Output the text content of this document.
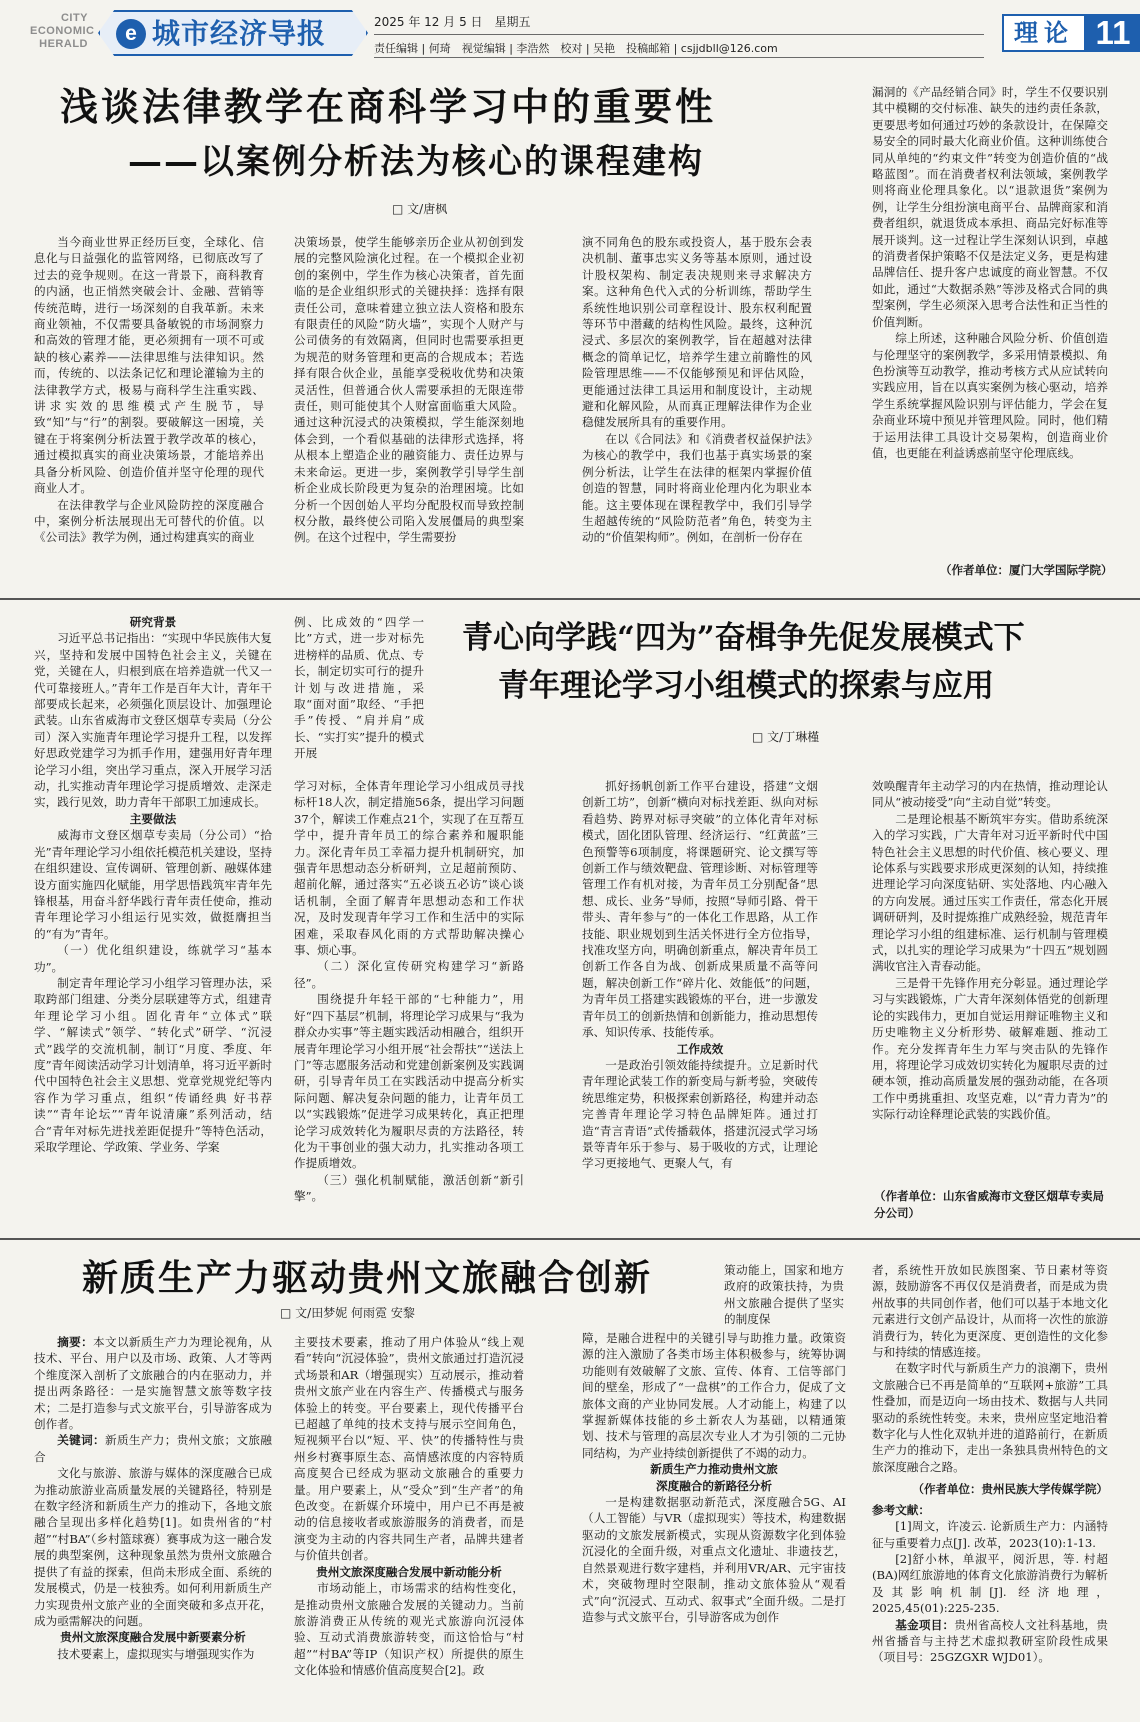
CITY
ECONOMIC
HERALD	e 城市经济导报	2025 年 12 月 5 日　星期五
责任编辑 | 何琦　视觉编辑 | 李浩然　校对 | 吴艳　投稿邮箱 | csjjdbll@126.com
理论 11
浅谈法律教学在商科学习中的重要性
——以案例分析法为核心的课程建构
□ 文/唐枫

当今商业世界正经历巨变，全球化、信息化与日益强化的监管网络，已彻底改写了过去的竞争规则。在这一背景下，商科教育的内涵，也正悄然突破会计、金融、营销等传统范畴，进行一场深刻的自我革新。未来商业领袖，不仅需要具备敏锐的市场洞察力和高效的管理才能，更必须拥有一项不可或缺的核心素养——法律思维与法律知识。然而，传统的、以法条记忆和理论灌输为主的法律教学方式，极易与商科学生注重实践、讲求实效的思维模式产生脱节，导致“知”与“行”的割裂。要破解这一困境，关键在于将案例分析法置于教学改革的核心，通过模拟真实的商业决策场景，才能培养出具备分析风险、创造价值并坚守伦理的现代商业人才。

在法律教学与企业风险防控的深度融合中，案例分析法展现出无可替代的价值。以《公司法》教学为例，通过构建真实的商业

决策场景，使学生能够亲历企业从初创到发展的完整风险演化过程。在一个模拟企业初创的案例中，学生作为核心决策者，首先面临的是企业组织形式的关键抉择：选择有限责任公司，意味着建立独立法人资格和股东有限责任的风险“防火墙”，实现个人财产与公司债务的有效隔离，但同时也需要承担更为规范的财务管理和更高的合规成本；若选择有限合伙企业，虽能享受税收优势和决策灵活性，但普通合伙人需要承担的无限连带责任，则可能使其个人财富面临重大风险。通过这种沉浸式的决策模拟，学生能深刻地体会到，一个看似基础的法律形式选择，将从根本上塑造企业的融资能力、责任边界与未来命运。更进一步，案例教学引导学生剖析企业成长阶段更为复杂的治理困境。比如分析一个因创始人平均分配股权而导致控制权分散，最终使公司陷入发展僵局的典型案例。在这个过程中，学生需要扮

演不同角色的股东或投资人，基于股东会表决机制、董事忠实义务等基本原则，通过设计股权架构、制定表决规则来寻求解决方案。这种角色代入式的分析训练，帮助学生系统性地识别公司章程设计、股东权利配置等环节中潜藏的结构性风险。最终，这种沉浸式、多层次的案例教学，旨在超越对法律概念的简单记忆，培养学生建立前瞻性的风险管理思维——不仅能够预见和评估风险，更能通过法律工具运用和制度设计，主动规避和化解风险，从而真正理解法律作为企业稳健发展所具有的重要作用。

在以《合同法》和《消费者权益保护法》为核心的教学中，我们也基于真实场景的案例分析法，让学生在法律的框架内掌握价值创造的智慧，同时将商业伦理内化为职业本能。这主要体现在课程教学中，我们引导学生超越传统的“风险防范者”角色，转变为主动的“价值架构师”。例如，在剖析一份存在

漏洞的《产品经销合同》时，学生不仅要识别其中模糊的交付标准、缺失的违约责任条款，更要思考如何通过巧妙的条款设计，在保障交易安全的同时最大化商业价值。这种训练使合同从单纯的“约束文件”转变为创造价值的“战略蓝图”。而在消费者权利法领域，案例教学则将商业伦理具象化。以“退款退货”案例为例，让学生分组扮演电商平台、品牌商家和消费者组织，就退货成本承担、商品完好标准等展开谈判。这一过程让学生深刻认识到，卓越的消费者保护策略不仅是法定义务，更是构建品牌信任、提升客户忠诚度的商业智慧。不仅如此，通过“大数据杀熟”等涉及格式合同的典型案例，学生必须深入思考合法性和正当性的价值判断。

综上所述，这种融合风险分析、价值创造与伦理坚守的案例教学，多采用情景模拟、角色扮演等互动教学，推动考核方式从应试转向实践应用，旨在以真实案例为核心驱动，培养学生系统掌握风险识别与评估能力，学会在复杂商业环境中预见并管理风险。同时，他们精于运用法律工具设计交易架构，创造商业价值，也更能在利益诱惑前坚守伦理底线。

（作者单位：厦门大学国际学院）
青心向学践“四为”奋楫争先促发展模式下
青年理论学习小组模式的探索与应用
□ 文/丁琳槿
研究背景

习近平总书记指出：“实现中华民族伟大复兴，坚持和发展中国特色社会主义，关键在党，关键在人，归根到底在培养造就一代又一代可靠接班人。”青年工作是百年大计，青年干部要成长起来，必须强化顶层设计、加强理论武装。山东省威海市文登区烟草专卖局（分公司）深入实施青年理论学习提升工程，以发挥好思政党建学习为抓手作用，建强用好青年理论学习小组，突出学习重点，深入开展学习活动，扎实推动青年理论学习提质增效、走深走实，践行见效，助力青年干部职工加速成长。

主要做法

威海市文登区烟草专卖局（分公司）“拾光”青年理论学习小组依托模范机关建设，坚持在组织建设、宣传调研、管理创新、融媒体建设方面实施四化赋能，用学思悟践筑牢青年先锋根基，用奋斗舒华践行青年责任使命，推动青年理论学习小组运行见实效，做挺膺担当的“有为”青年。

（一）优化组织建设，练就学习“基本功”。

制定青年理论学习小组学习管理办法，采取跨部门组建、分类分层联建等方式，组建青年理论学习小组。固化青年“立体式”联学、“解读式”领学、“转化式”研学、“沉浸式”践学的交流机制，制订“月度、季度、年度”青年阅读活动学习计划清单，将习近平新时代中国特色社会主义思想、党章党规党纪等内容作为学习重点，组织“传诵经典 好书荐读”“青年论坛”“青年说清廉”系列活动，结合“青年对标先进找差距促提升”等特色活动，采取学理论、学政策、学业务、学案

例、比成效的“四学一比”方式，进一步对标先进榜样的品质、优点、专长，制定切实可行的提升计划与改进措施，采取“面对面”取经、“手把手”传授、“肩并肩”成长、“实打实”提升的模式开展

学习对标，全体青年理论学习小组成员寻找标杆18人次，制定措施56条，提出学习问题37个，解读工作难点21个，实现了在互帮互学中，提升青年员工的综合素养和履职能力。深化青年员工幸福力提升机制研究，加强青年思想动态分析研判，立足超前预防、超前化解，通过落实“五必谈五必访”谈心谈话机制，全面了解青年思想动态和工作状况，及时发现青年学习工作和生活中的实际困难，采取春风化雨的方式帮助解决操心事、烦心事。

（二）深化宣传研究构建学习“新路径”。

围绕提升年轻干部的“七种能力”，用好“四下基层”机制，将理论学习成果与“我为群众办实事”等主题实践活动相融合，组织开展青年理论学习小组开展“社会帮扶”“送法上门”等志愿服务活动和党建创新案例及实践调研，引导青年员工在实践活动中提高分析实际问题、解决复杂问题的能力，让青年员工以“实践锻炼”促进学习成果转化，真正把理论学习成效转化为履职尽责的方法路径，转化为干事创业的强大动力，扎实推动各项工作提质增效。

（三）强化机制赋能，激活创新“新引擎”。

抓好扬帆创新工作平台建设，搭建“文烟创新工坊”，创新“横向对标找差距、纵向对标看趋势、跨界对标寻突破”的立体化青年对标模式，固化团队管理、经济运行、“红黄蓝”三色预警等6项制度，将课题研究、论文撰写等创新工作与绩效靶盘、管理诊断、对标管理等管理工作有机对接，为青年员工分别配备“思想、成长、业务”导师，按照“导师引路、骨干带头、青年参与”的一体化工作思路，从工作技能、职业规划到生活关怀进行全方位指导，找准攻坚方向，明确创新重点，解决青年员工创新工作各自为战、创新成果质量不高等问题，解决创新工作“碎片化、效能低”的问题，为青年员工搭建实践锻炼的平台，进一步激发青年员工的创新热情和创新能力，推动思想传承、知识传承、技能传承。

工作成效

一是政治引领效能持续提升。立足新时代青年理论武装工作的新变局与新考验，突破传统思维定势，积极探索创新路径，构建并动态完善青年理论学习特色品牌矩阵。通过打造“青言青语”式传播载体，搭建沉浸式学习场景等青年乐于参与、易于吸收的方式，让理论学习更接地气、更聚人气，有

效唤醒青年主动学习的内在热情，推动理论认同从“被动接受”向“主动自觉”转变。

二是理论根基不断筑牢夯实。借助系统深入的学习实践，广大青年对习近平新时代中国特色社会主义思想的时代价值、核心要义、理论体系与实践要求形成更深刻的认知，持续推进理论学习向深度钻研、实处落地、内心融入的方向发展。通过压实工作责任，常态化开展调研研判，及时提炼推广成熟经验，规范青年理论学习小组的组建标准、运行机制与管理模式，以扎实的理论学习成果为“十四五”规划圆满收官注入青春动能。

三是骨干先锋作用充分彰显。通过理论学习与实践锻炼，广大青年深刻体悟党的创新理论的实践伟力，更加自觉运用辩证唯物主义和历史唯物主义分析形势、破解难题、推动工作。充分发挥青年生力军与突击队的先锋作用，将理论学习成效切实转化为履职尽责的过硬本领，推动高质量发展的强劲动能，在各项工作中勇挑重担、攻坚克难，以“青力青为”的实际行动诠释理论武装的实践价值。

（作者单位：山东省威海市文登区烟草专卖局 分公司）
新质生产力驱动贵州文旅融合创新
□ 文/田梦妮 何雨霓 安黎

摘要：本文以新质生产力为理论视角，从技术、平台、用户以及市场、政策、人才等两个维度深入剖析了文旅融合的内在驱动力，并提出两条路径：一是实施智慧文旅等数字技术；二是打造参与式文旅平台，引导游客成为创作者。

关键词：新质生产力；贵州文旅；文旅融合

文化与旅游、旅游与媒体的深度融合已成为推动旅游业高质量发展的关键路径，特别是在数字经济和新质生产力的推动下，各地文旅融合呈现出多样化趋势[1]。如贵州省的“村超”“村BA”（乡村篮球赛）赛事成为这一融合发展的典型案例，这种现象虽然为贵州文旅融合提供了有益的探索，但尚未形成全面、系统的发展模式，仍是一枝独秀。如何利用新质生产力实现贵州文旅产业的全面突破和多点开花，成为亟需解决的问题。

贵州文旅深度融合发展中新要素分析

技术要素上，虚拟现实与增强现实作为

主要技术要素，推动了用户体验从“线上观看”转向“沉浸体验”，贵州文旅通过打造沉浸式场景和AR（增强现实）互动展示，推动着贵州文旅产业在内容生产、传播模式与服务体验上的转变。平台要素上，现代传播平台已超越了单纯的技术支持与展示空间角色，短视频平台以“短、平、快”的传播特性与贵州乡村赛事原生态、高情感浓度的内容特质高度契合已经成为驱动文旅融合的重要力量。用户要素上，从“受众”到“生产者”的角色改变。在新媒介环境中，用户已不再是被动的信息接收者或旅游服务的消费者，而是演变为主动的内容共同生产者，品牌共建者与价值共创者。

贵州文旅深度融合发展中新动能分析

市场动能上，市场需求的结构性变化，是推动贵州文旅融合发展的关键动力。当前旅游消费正从传统的观光式旅游向沉浸体验、互动式消费旅游转变，而这恰恰与“村超”“村BA”等IP（知识产权）所提供的原生文化体验和情感价值高度契合[2]。政

策动能上，国家和地方政府的政策扶持，为贵州文旅融合提供了坚实的制度保

障，是融合进程中的关键引导与助推力量。政策资源的注入激励了各类市场主体积极参与，统筹协调功能则有效破解了文旅、宣传、体育、工信等部门间的壁垒，形成了“一盘棋”的工作合力，促成了文旅体文商的产业协同发展。人才动能上，构建了以掌握新媒体技能的乡土新农人为基础，以精通策划、技术与管理的高层次专业人才为引领的二元协同结构，为产业持续创新提供了不竭的动力。

新质生产力推动贵州文旅
深度融合的新路径分析

一是构建数据驱动新范式，深度融合5G、AI（人工智能）与VR（虚拟现实）等技术，构建数据驱动的文旅发展新模式，实现从资源数字化到体验沉浸化的全面升级，对重点文化遗址、非遗技艺，自然景观进行数字建档，并利用VR/AR、元宇宙技术，突破物理时空限制，推动文旅体验从“观看式”向“沉浸式、互动式、叙事式”全面升级。二是打造参与式文旅平台，引导游客成为创作

者，系统性开放如民族图案、节日素材等资源，鼓励游客不再仅仅是消费者，而是成为贵州故事的共同创作者，他们可以基于本地文化元素进行文创产品设计，从而将一次性的旅游消费行为，转化为更深度、更创造性的文化参与和持续的情感连接。

在数字时代与新质生产力的浪潮下，贵州文旅融合已不再是简单的“互联网+旅游”工具性叠加，而是迈向一场由技术、数据与人共同驱动的系统性转变。未来，贵州应坚定地沿着数字化与人性化双轨并进的道路前行，在新质生产力的推动下，走出一条独具贵州特色的文旅深度融合之路。

（作者单位：贵州民族大学传媒学院）
参考文献：

[1]周文，许凌云. 论新质生产力：内涵特征与重要着力点[J]. 改革，2023(10):1-13.

[2]舒小林，单淑平，阅沂思，等. 村超(BA)网红旅游地的体育文化旅游消费行为解析及其影响机制[J]. 经济地理，2025,45(01):225-235.

基金项目：贵州省高校人文社科基地，贵州省播音与主持艺术虚拟教研室阶段性成果（项目号：25GZGXR WJD01）。
